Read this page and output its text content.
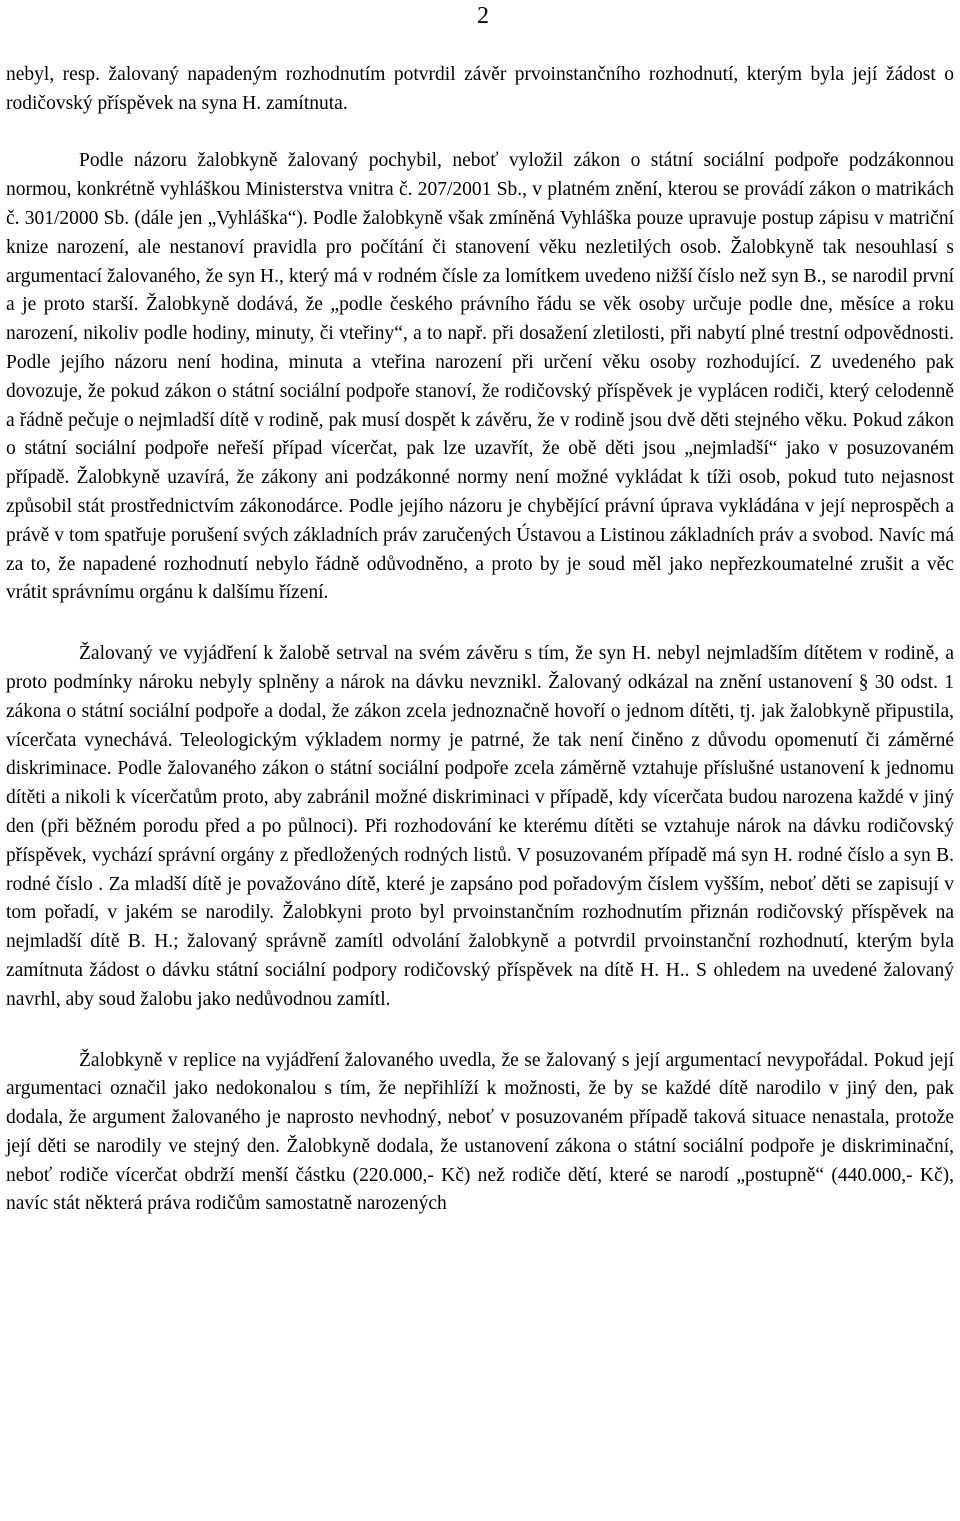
2

nebyl, resp. žalovaný napadeným rozhodnutím potvrdil závěr prvoinstančního rozhodnutí, kterým byla její žádost o rodičovský příspěvek na syna H. zamítnuta.

Podle názoru žalobkyně žalovaný pochybil, neboť vyložil zákon o státní sociální podpoře podzákonnou normou, konkrétně vyhláškou Ministerstva vnitra č. 207/2001 Sb., v platném znění, kterou se provádí zákon o matrikách č. 301/2000 Sb. (dále jen „Vyhláška“). Podle žalobkyně však zmíněná Vyhláška pouze upravuje postup zápisu v matriční knize narození, ale nestanoví pravidla pro počítání či stanovení věku nezletilých osob. Žalobkyně tak nesouhlasí s argumentací žalovaného, že syn H., který má v rodném čísle za lomítkem uvedeno nižší číslo než syn B., se narodil první a je proto starší. Žalobkyně dodává, že „podle českého právního řádu se věk osoby určuje podle dne, měsíce a roku narození, nikoliv podle hodiny, minuty, či vteřiny“, a to např. při dosažení zletilosti, při nabytí plné trestní odpovědnosti. Podle jejího názoru není hodina, minuta a vteřina narození při určení věku osoby rozhodující. Z uvedeného pak dovozuje, že pokud zákon o státní sociální podpoře stanoví, že rodičovský příspěvek je vyplácen rodiči, který celodenně a řádně pečuje o nejmladší dítě v rodině, pak musí dospět k závěru, že v rodině jsou dvě děti stejného věku. Pokud zákon o státní sociální podpoře neřeší případ vícerčat, pak lze uzavřít, že obě děti jsou „nejmladší“ jako v posuzovaném případě. Žalobkyně uzavírá, že zákony ani podzákonné normy není možné vykládat k tíži osob, pokud tuto nejasnost způsobil stát prostřednictvím zákonodárce. Podle jejího názoru je chybějící právní úprava vykládána v její neprospěch a právě v tom spatřuje porušení svých základních práv zaručených Ústavou a Listinou základních práv a svobod. Navíc má za to, že napadené rozhodnutí nebylo řádně odůvodněno, a proto by je soud měl jako nepřezkoumatelné zrušit a věc vrátit správnímu orgánu k dalšímu řízení.

Žalovaný ve vyjádření k žalobě setrval na svém závěru s tím, že syn H. nebyl nejmladším dítětem v rodině, a proto podmínky nároku nebyly splněny a nárok na dávku nevznikl. Žalovaný odkázal na znění ustanovení § 30 odst. 1 zákona o státní sociální podpoře a dodal, že zákon zcela jednoznačně hovoří o jednom dítěti, tj. jak žalobkyně připustila, vícerčata vynechává. Teleologickým výkladem normy je patrné, že tak není činěno z důvodu opomenutí či záměrné diskriminace. Podle žalovaného zákon o státní sociální podpoře zcela záměrně vztahuje příslušné ustanovení k jednomu dítěti a nikoli k vícerčatům proto, aby zabránil možné diskriminaci v případě, kdy vícerčata budou narozena každé v jiný den (při běžném porodu před a po půlnoci). Při rozhodování ke kterému dítěti se vztahuje nárok na dávku rodičovský příspěvek, vychází správní orgány z předložených rodných listů. V posuzovaném případě má syn H. rodné číslo a syn B. rodné číslo . Za mladší dítě je považováno dítě, které je zapsáno pod pořadovým číslem vyšším, neboť děti se zapisují v tom pořadí, v jakém se narodily. Žalobkyni proto byl prvoinstančním rozhodnutím přiznán rodičovský příspěvek na nejmladší dítě B. H.; žalovaný správně zamítl odvolání žalobkyně a potvrdil prvoinstanční rozhodnutí, kterým byla zamítnuta žádost o dávku státní sociální podpory rodičovský příspěvek na dítě H. H.. S ohledem na uvedené žalovaný navrhl, aby soud žalobu jako nedůvodnou zamítl.

Žalobkyně v replice na vyjádření žalovaného uvedla, že se žalovaný s její argumentací nevypořádal. Pokud její argumentaci označil jako nedokonalou s tím, že nepřihlíží k možnosti, že by se každé dítě narodilo v jiný den, pak dodala, že argument žalovaného je naprosto nevhodný, neboť v posuzovaném případě taková situace nenastala, protože její děti se narodily ve stejný den. Žalobkyně dodala, že ustanovení zákona o státní sociální podpoře je diskriminační, neboť rodiče vícerčat obdrží menší částku (220.000,- Kč) než rodiče dětí, které se narodí „postupně“ (440.000,- Kč), navíc stát některá práva rodičům samostatně narozených
